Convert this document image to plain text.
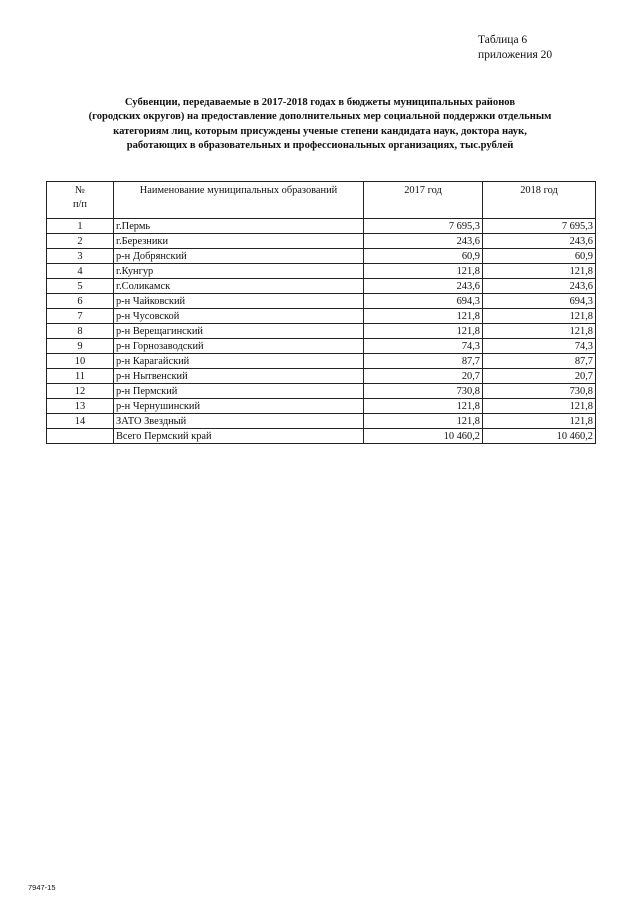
Таблица 6
приложения 20
Субвенции, передаваемые в 2017-2018 годах в бюджеты муниципальных районов
(городских округов) на предоставление дополнительных мер социальной поддержки отдельным
категориям лиц, которым присуждены ученые степени кандидата наук, доктора наук,
работающих в образовательных и профессиональных организациях, тыс.рублей
№
п/п	Наименование муниципальных образований	2017 год	2018 год
1	г.Пермь	7 695,3	7 695,3
2	г.Березники	243,6	243,6
3	р-н Добрянский	60,9	60,9
4	г.Кунгур	121,8	121,8
5	г.Соликамск	243,6	243,6
6	р-н Чайковский	694,3	694,3
7	р-н Чусовской	121,8	121,8
8	р-н Верещагинский	121,8	121,8
9	р-н Горнозаводский	74,3	74,3
10	р-н Карагайский	87,7	87,7
11	р-н Нытвенский	20,7	20,7
12	р-н Пермский	730,8	730,8
13	р-н Чернушинский	121,8	121,8
14	ЗАТО Звездный	121,8	121,8
	Всего Пермский край	10 460,2	10 460,2
7947-15
